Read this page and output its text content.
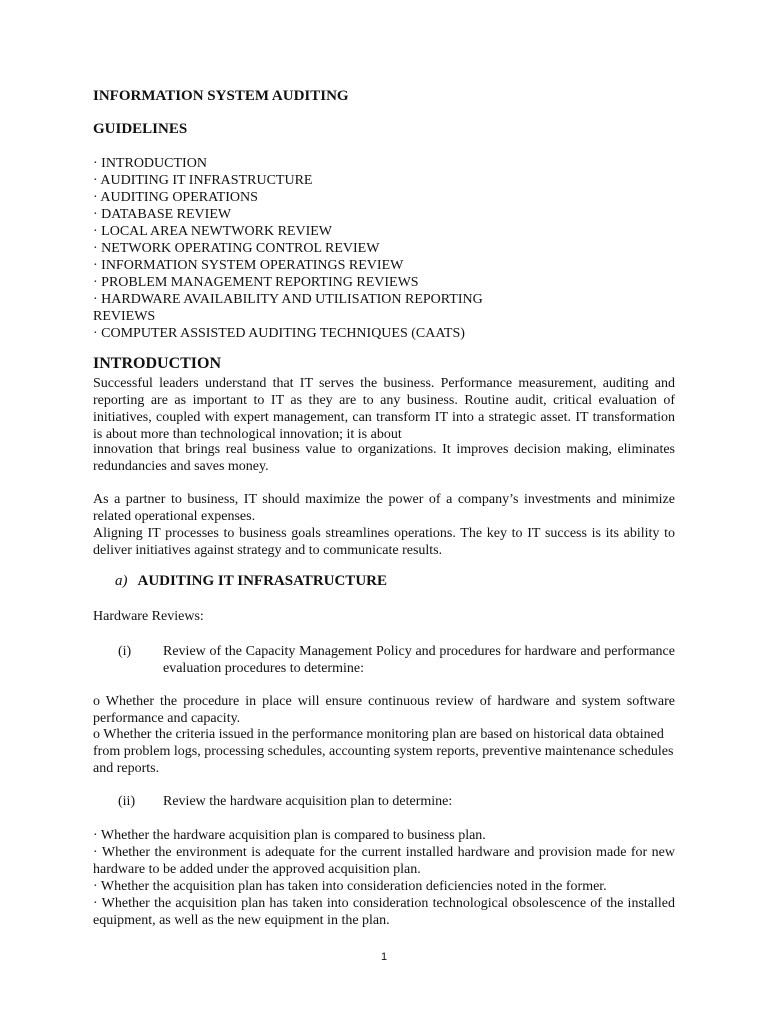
INFORMATION SYSTEM AUDITING
GUIDELINES
· INTRODUCTION
· AUDITING IT INFRASTRUCTURE
· AUDITING OPERATIONS
· DATABASE REVIEW
· LOCAL AREA NEWTWORK REVIEW
· NETWORK OPERATING CONTROL REVIEW
· INFORMATION SYSTEM OPERATINGS REVIEW
· PROBLEM MANAGEMENT REPORTING REVIEWS
· HARDWARE AVAILABILITY AND UTILISATION REPORTING
REVIEWS
· COMPUTER ASSISTED AUDITING TECHNIQUES (CAATS)
INTRODUCTION
Successful leaders understand that IT serves the business. Performance measurement, auditing and reporting are as important to IT as they are to any business. Routine audit, critical evaluation of initiatives, coupled with expert management, can transform IT into a strategic asset. IT transformation is about more than technological innovation; it is about
innovation that brings real business value to organizations. It improves decision making, eliminates redundancies and saves money.
As a partner to business, IT should maximize the power of a company’s investments and minimize related operational expenses.
Aligning IT processes to business goals streamlines operations. The key to IT success is its ability to deliver initiatives against strategy and to communicate results.
a) AUDITING IT INFRASATRUCTURE
Hardware Reviews:
(i) Review of the Capacity Management Policy and procedures for hardware and performance evaluation procedures to determine:
o Whether the procedure in place will ensure continuous review of hardware and system software performance and capacity.
o Whether the criteria issued in the performance monitoring plan are based on historical data obtained from problem logs, processing schedules, accounting system reports, preventive maintenance schedules and reports.
(ii) Review the hardware acquisition plan to determine:
· Whether the hardware acquisition plan is compared to business plan.
· Whether the environment is adequate for the current installed hardware and provision made for new hardware to be added under the approved acquisition plan.
· Whether the acquisition plan has taken into consideration deficiencies noted in the former.
· Whether the acquisition plan has taken into consideration technological obsolescence of the installed equipment, as well as the new equipment in the plan.
1
